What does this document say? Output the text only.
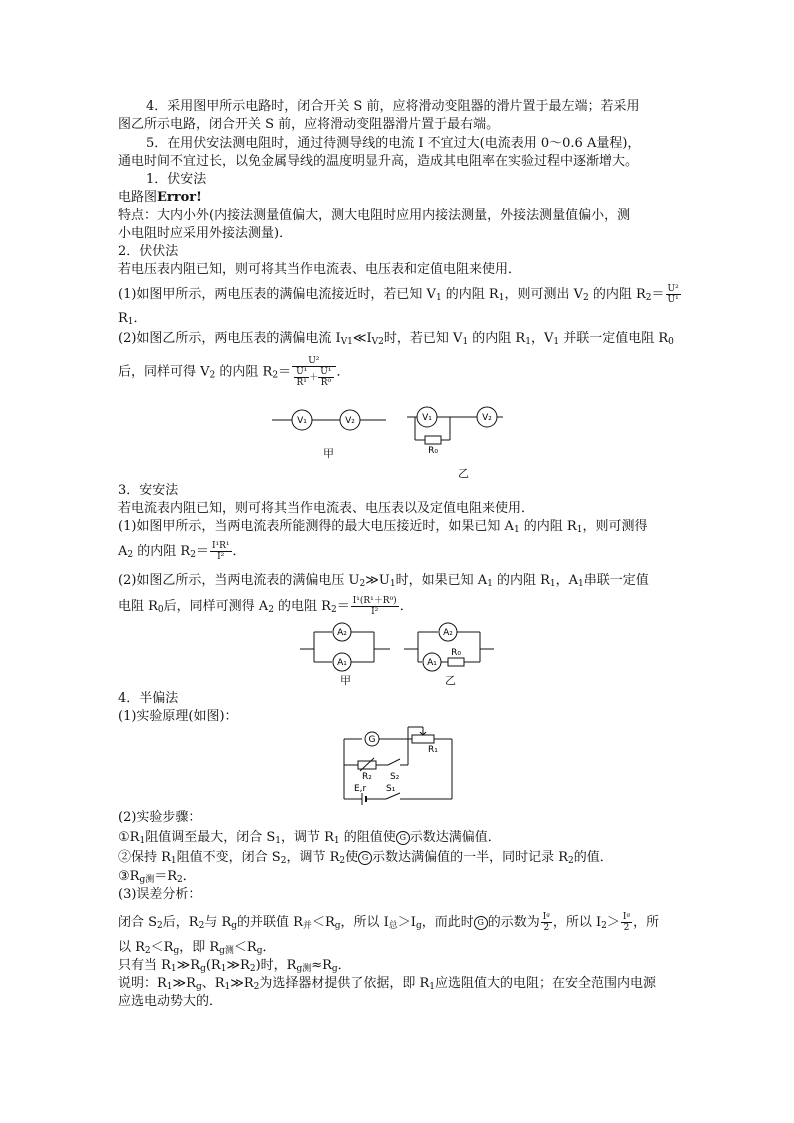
4．采用图甲所示电路时，闭合开关 S 前，应将滑动变阻器的滑片置于最左端；若采用
图乙所示电路，闭合开关 S 前，应将滑动变阻器滑片置于最右端。
5．在用伏安法测电阻时，通过待测导线的电流 I 不宜过大(电流表用 0～0.6 A量程)，
通电时间不宜过长，以免金属导线的温度明显升高，造成其电阻率在实验过程中逐渐增大。
1．伏安法
电路图Error!
特点：大内小外(内接法测量值偏大，测大电阻时应用内接法测量，外接法测量值偏小，测
小电阻时应采用外接法测量)．
2．伏伏法
若电压表内阻已知，则可将其当作电流表、电压表和定值电阻来使用．
(1)如图甲所示，两电压表的满偏电流接近时，若已知 $V_1$ 的内阻 $R_1$，则可测出 $V_2$ 的内阻 $R_2= \frac{\text{U²}}{\text{U¹}}$
$R_1$．
(2)如图乙所示，两电压表的满偏电流 $I_{V1}≪I_{V2}$时，若已知 $V_1$ 的内阻 $R_1$，$V_1$ 并联一定值电阻 $R_0$
后，同样可得 $V_2$ 的内阻 $R_2= \frac{\text{U²}}{\frac{\text{U¹}}{\text{R¹}} + \frac{\text{U¹}}{\text{R⁰}}}$ ．
V₁	V₂
甲
V₁	V₂
R₀
乙
3．安安法
若电流表内阻已知，则可将其当作电流表、电压表以及定值电阻来使用．
(1)如图甲所示，当两电流表所能测得的最大电压接近时，如果已知 $A_1$ 的内阻 $R_1$，则可测得
$A_2$ 的内阻 $R_2= \frac{\text{I¹R¹}}{\text{I²}}$ ．
(2)如图乙所示，当两电流表的满偏电压 $U_2≫U_1$时，如果已知 $A_1$ 的内阻 $R_1$，$A_1$串联一定值
电阻 $R_0$后，同样可测得 $A_2$ 的电阻 $R_2= \frac{\text{I¹(R¹＋R⁰)}}{\text{I²}}$ ．
A₂
A₁
甲
A₂
A₁
R₀
乙
4．半偏法
(1)实验原理(如图)：
G
R₁
R₂ S₂
E,r S₁
(2)实验步骤：
$①R_1$阻值调至最大，闭合 $S_1$，调节 $R_1$ 的阻值使 G 示数达满偏值．
②保持 $R_1$阻值不变，闭合 $S_2$，调节 $R_2$使 G 示数达满偏值的一半，同时记录 $R_2$的值．
$③R_{g测}=R_2$．
(3)误差分析：
闭合 $S_2$后，$R_2$与 $R_g$的并联值 $R_并<R_g$，所以 $I_总>I_g$，而此时 G 的示数为 $\frac{\text{Iᵍ}}{2}$ ，所以 $I_2> \frac{\text{Iᵍ}}{2}$ ，所
以 $R_2<R_g$，即 $R_{g测}<R_g$．
只有当 $R_1≫R_g(R_1≫R_2)$时，$R_{g测}\approx R_g$．
说明：$R_1≫R_g$、$R_1≫R_2$为选择器材提供了依据，即 $R_1$应选阻值大的电阻；在安全范围内电源
应选电动势大的．
